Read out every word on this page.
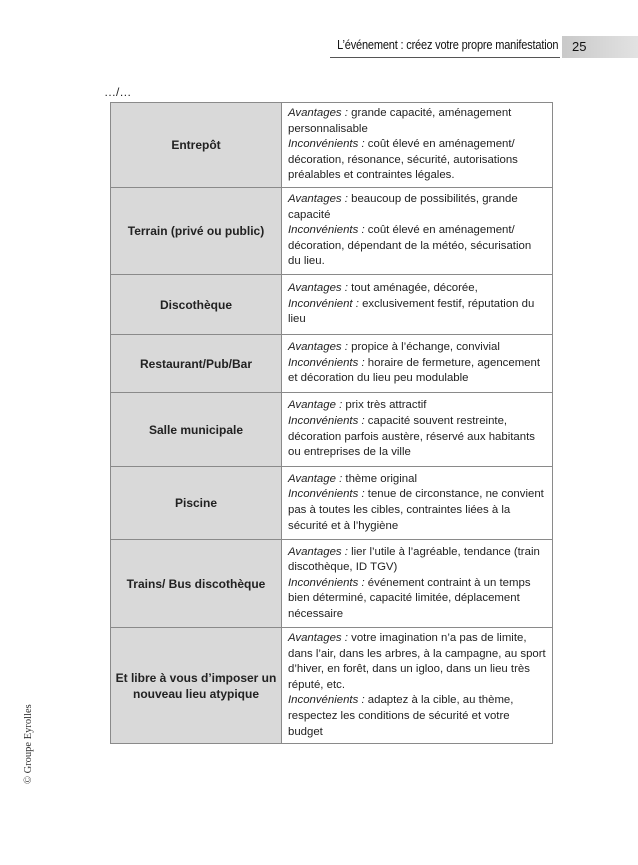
L’événement : créez votre propre manifestation 25
…/…
Entrepôt	Avantages : grande capacité, aménagement personnalisable
Inconvénients : coût élevé en aménagement/ décoration, résonance, sécurité, autorisations préalables et contraintes légales.

Terrain (privé ou public)	Avantages : beaucoup de possibilités, grande capacité
Inconvénients : coût élevé en aménagement/ décoration, dépendant de la météo, sécurisation du lieu.

Discothèque	Avantages : tout aménagée, décorée,
Inconvénient : exclusivement festif, réputation du lieu

Restaurant/Pub/Bar	Avantages : propice à l’échange, convivial
Inconvénients : horaire de fermeture, agencement et décoration du lieu peu modulable

Salle municipale	Avantage : prix très attractif
Inconvénients : capacité souvent restreinte, décoration parfois austère, réservé aux habitants ou entreprises de la ville

Piscine	Avantage : thème original
Inconvénients : tenue de circonstance, ne convient pas à toutes les cibles, contraintes liées à la sécurité et à l’hygiène

Trains/ Bus discothèque	Avantages : lier l’utile à l’agréable, tendance (train discothèque, ID TGV)
Inconvénients : événement contraint à un temps bien déterminé, capacité limitée, déplacement nécessaire

Et libre à vous d’imposer un nouveau lieu atypique	Avantages : votre imagination n’a pas de limite, dans l’air, dans les arbres, à la campagne, au sport d’hiver, en forêt, dans un igloo, dans un lieu très réputé, etc.
Inconvénients : adaptez à la cible, au thème, respectez les conditions de sécurité et votre budget
© Groupe Eyrolles
